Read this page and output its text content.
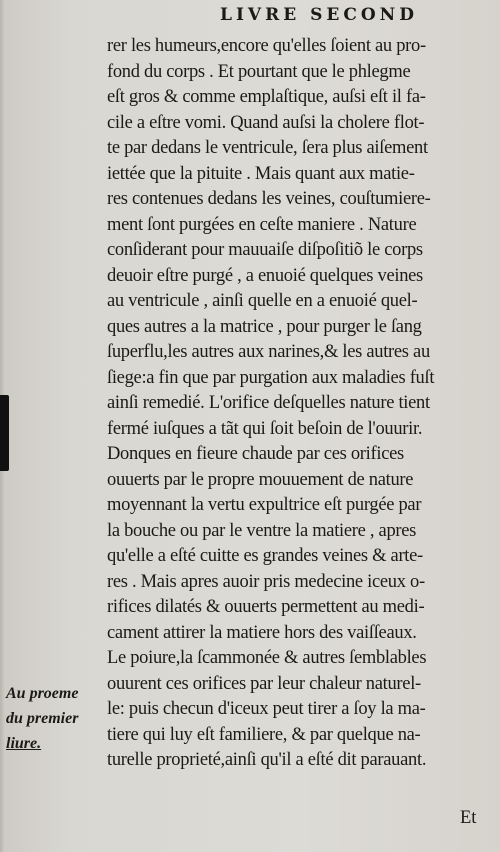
LIVRE SECOND
rer les humeurs,encore qu'elles ſoient au pro-
fond du corps . Et pourtant que le phlegme
eſt gros & comme emplaſtique, auſsi eſt il fa-
cile a eſtre vomi. Quand auſsi la cholere flot-
te par dedans le ventricule, ſera plus aiſement
iettée que la pituite . Mais quant aux matie-
res contenues dedans les veines, couſtumiere-
ment ſont purgées en ceſte maniere . Nature
conſiderant pour mauuaiſe diſpoſitiõ le corps
deuoir eſtre purgé , a enuoié quelques veines
au ventricule , ainſi quelle en a enuoié quel-
ques autres a la matrice , pour purger le ſang
ſuperflu,les autres aux narines,& les autres au
ſiege:a fin que par purgation aux maladies fuſt
ainſi remedié. L'orifice deſquelles nature tient
fermé iuſques a tãt qui ſoit beſoin de l'ouurir.
Donques en fieure chaude par ces orifices
ouuerts par le propre mouuement de nature
moyennant la vertu expultrice eſt purgée par
la bouche ou par le ventre la matiere , apres
qu'elle a eſté cuitte es grandes veines & arte-
res . Mais apres auoir pris medecine iceux o-
rifices dilatés & ouuerts permettent au medi-
cament attirer la matiere hors des vaiſſeaux.
Le poiure,la ſcammonée & autres ſemblables
ouurent ces orifices par leur chaleur naturel-
le: puis checun d'iceux peut tirer a ſoy la ma-
tiere qui luy eſt familiere, & par quelque na-
turelle proprieté,ainſi qu'il a eſté dit parauant.
Au proeme
du premier
liure.
Et
